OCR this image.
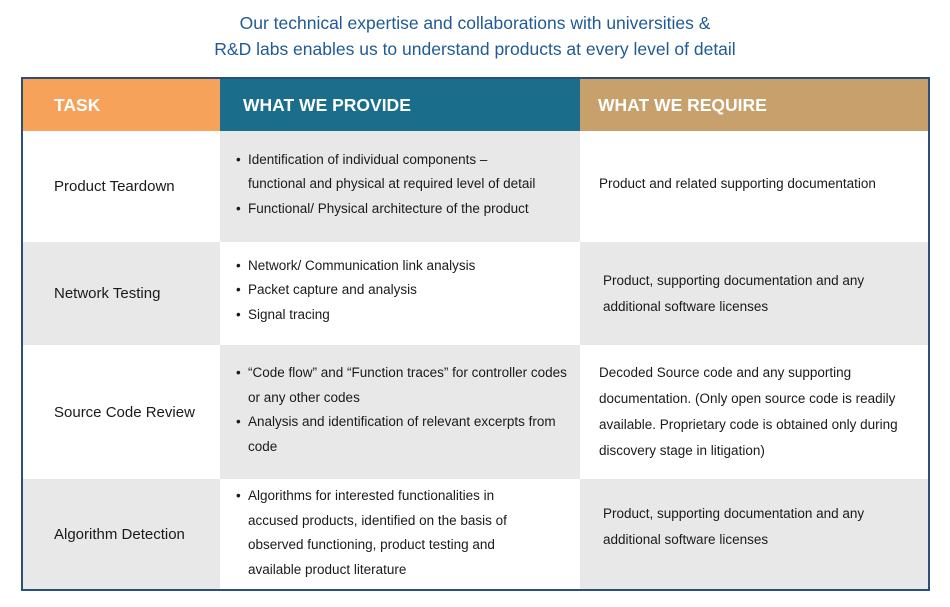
Our technical expertise and collaborations with universities &
R&D labs enables us to understand products at every level of detail
TASK	WHAT WE PROVIDE	WHAT WE REQUIRE
Product Teardown
• Identification of individual components – functional and physical at required level of detail
• Functional/ Physical architecture of the product
Product and related supporting documentation
Network Testing
• Network/ Communication link analysis
• Packet capture and analysis
• Signal tracing
Product, supporting documentation and any additional software licenses
Source Code Review
• “Code flow” and “Function traces” for controller codes or any other codes
• Analysis and identification of relevant excerpts from code
Decoded Source code and any supporting documentation. (Only open source code is readily available. Proprietary code is obtained only during discovery stage in litigation)
Algorithm Detection
• Algorithms for interested functionalities in accused products, identified on the basis of observed functioning, product testing and available product literature
Product, supporting documentation and any additional software licenses
